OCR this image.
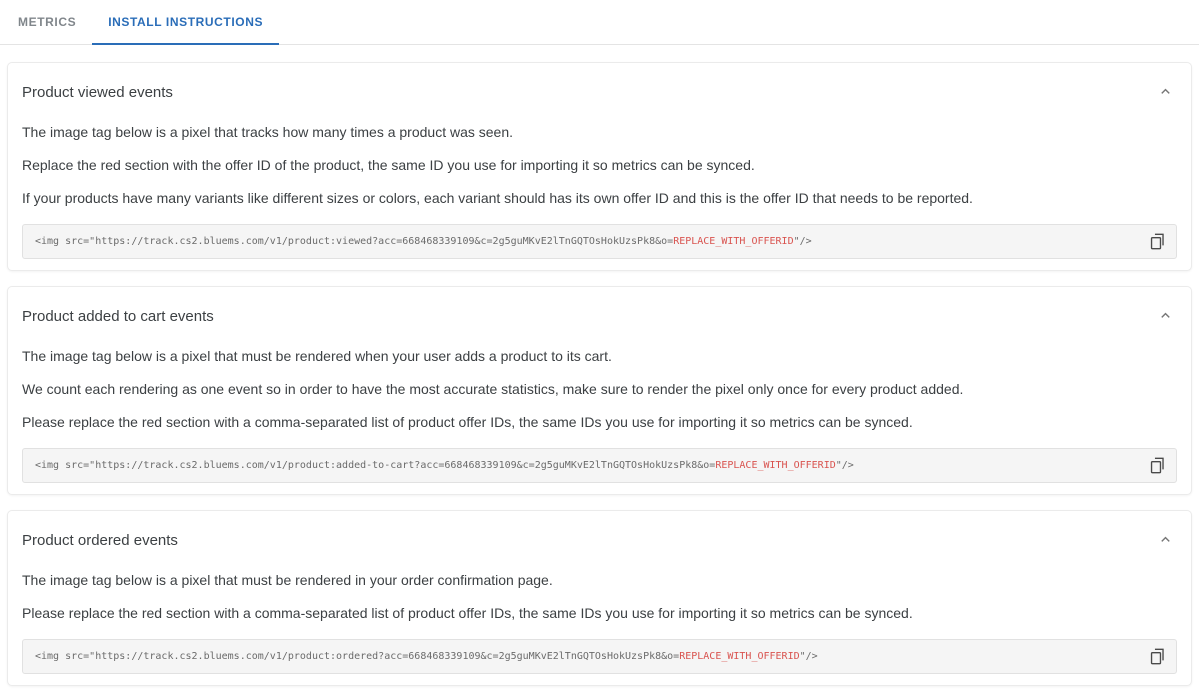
METRICS	INSTALL INSTRUCTIONS
Product viewed events

The image tag below is a pixel that tracks how many times a product was seen.

Replace the red section with the offer ID of the product, the same ID you use for importing it so metrics can be synced.

If your products have many variants like different sizes or colors, each variant should has its own offer ID and this is the offer ID that needs to be reported.

<img src="https://track.cs2.bluems.com/v1/product:viewed?acc=668468339109&c=2g5guMKvE2lTnGQTOsHokUzsPk8&o=REPLACE_WITH_OFFERID"/>
Product added to cart events

The image tag below is a pixel that must be rendered when your user adds a product to its cart.

We count each rendering as one event so in order to have the most accurate statistics, make sure to render the pixel only once for every product added.

Please replace the red section with a comma-separated list of product offer IDs, the same IDs you use for importing it so metrics can be synced.

<img src="https://track.cs2.bluems.com/v1/product:added-to-cart?acc=668468339109&c=2g5guMKvE2lTnGQTOsHokUzsPk8&o=REPLACE_WITH_OFFERID"/>
Product ordered events

The image tag below is a pixel that must be rendered in your order confirmation page.

Please replace the red section with a comma-separated list of product offer IDs, the same IDs you use for importing it so metrics can be synced.

<img src="https://track.cs2.bluems.com/v1/product:ordered?acc=668468339109&c=2g5guMKvE2lTnGQTOsHokUzsPk8&o=REPLACE_WITH_OFFERID"/>
